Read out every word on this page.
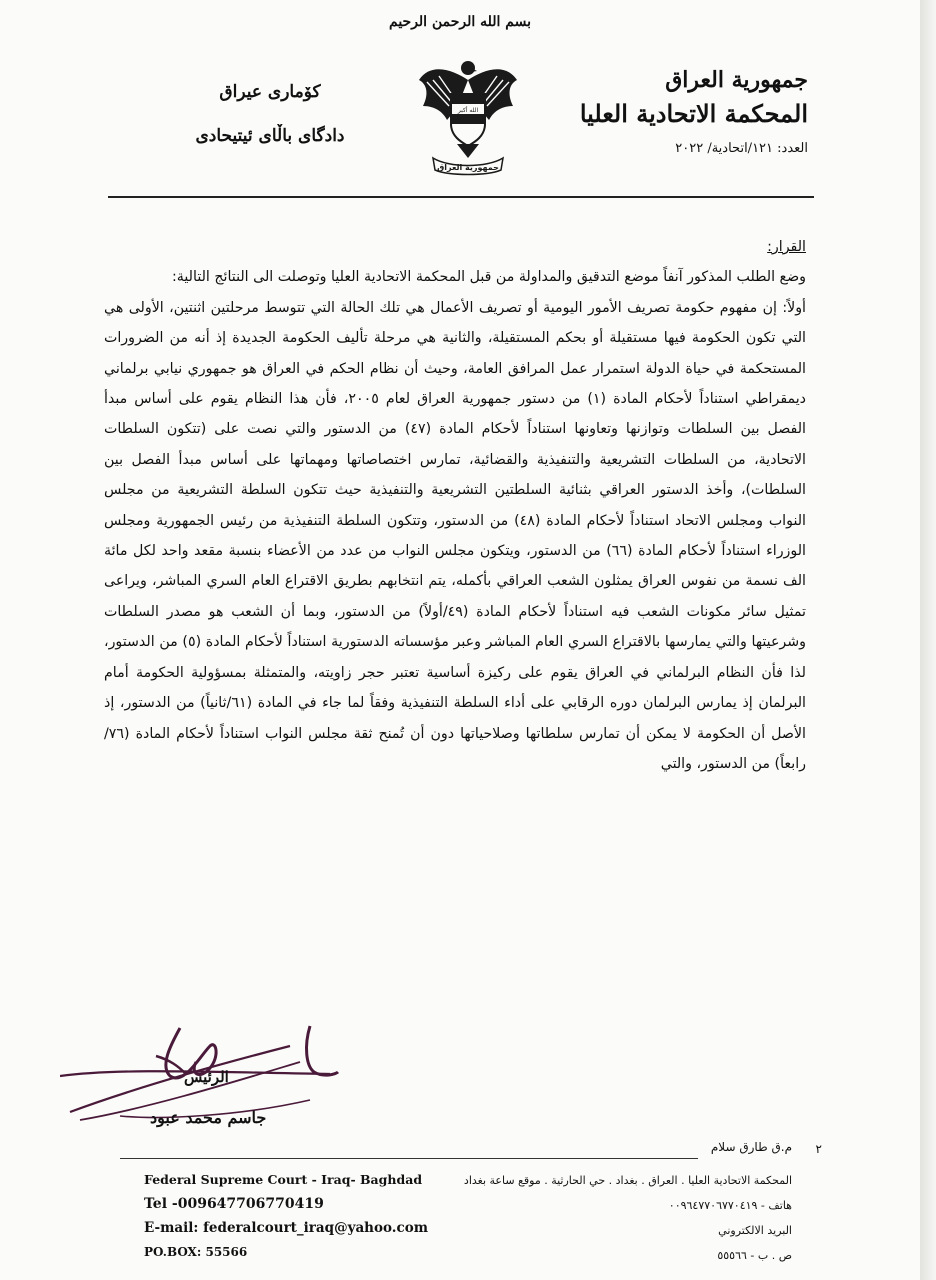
بسم الله الرحمن الرحيم
جمهورية العراق
المحكمة الاتحادية العليا
العدد: ١٢١/اتحادية/ ٢٠٢٢
الله أكبر
جمهورية العراق
كۆماری عیراق
دادگای باڵای ئیتیحادی

القرار:

وضع الطلب المذكور آنفاً موضع التدقيق والمداولة من قبل المحكمة الاتحادية العليا وتوصلت الى النتائج التالية:

أولاً: إن مفهوم حكومة تصريف الأمور اليومية أو تصريف الأعمال هي تلك الحالة التي تتوسط مرحلتين اثنتين، الأولى هي التي تكون الحكومة فيها مستقيلة أو بحكم المستقيلة، والثانية هي مرحلة تأليف الحكومة الجديدة إذ أنه من الضرورات المستحكمة في حياة الدولة استمرار عمل المرافق العامة، وحيث أن نظام الحكم في العراق هو جمهوري نيابي برلماني ديمقراطي استناداً لأحكام المادة (١) من دستور جمهورية العراق لعام ٢٠٠٥، فأن هذا النظام يقوم على أساس مبدأ الفصل بين السلطات وتوازنها وتعاونها استناداً لأحكام المادة (٤٧) من الدستور والتي نصت على (تتكون السلطات الاتحادية، من السلطات التشريعية والتنفيذية والقضائية، تمارس اختصاصاتها ومهماتها على أساس مبدأ الفصل بين السلطات)، وأخذ الدستور العراقي بثنائية السلطتين التشريعية والتنفيذية حيث تتكون السلطة التشريعية من مجلس النواب ومجلس الاتحاد استناداً لأحكام المادة (٤٨) من الدستور، وتتكون السلطة التنفيذية من رئيس الجمهورية ومجلس الوزراء استناداً لأحكام المادة (٦٦) من الدستور، ويتكون مجلس النواب من عدد من الأعضاء بنسبة مقعد واحد لكل مائة الف نسمة من نفوس العراق يمثلون الشعب العراقي بأكمله، يتم انتخابهم بطريق الاقتراع العام السري المباشر، ويراعى تمثيل سائر مكونات الشعب فيه استناداً لأحكام المادة (٤٩/أولاً) من الدستور، وبما أن الشعب هو مصدر السلطات وشرعيتها والتي يمارسها بالاقتراع السري العام المباشر وعبر مؤسساته الدستورية استناداً لأحكام المادة (٥) من الدستور، لذا فأن النظام البرلماني في العراق يقوم على ركيزة أساسية تعتبر حجر زاويته، والمتمثلة بمسؤولية الحكومة أمام البرلمان إذ يمارس البرلمان دوره الرقابي على أداء السلطة التنفيذية وفقاً لما جاء في المادة (٦١/ثانياً) من الدستور، إذ الأصل أن الحكومة لا يمكن أن تمارس سلطاتها وصلاحياتها دون أن تُمنح ثقة مجلس النواب استناداً لأحكام المادة (٧٦/ رابعاً) من الدستور، والتي

الرئيس
جاسم محمد عبود
٢
م.ق طارق سلام
Federal Supreme Court - Iraq- Baghdad
Tel -009647706770419
E-mail: federalcourt_iraq@yahoo.com
PO.BOX: 55566
المحكمة الاتحادية العليا . العراق . بغداد . حي الحارثية . موقع ساعة بغداد
هاتف - ٠٠٩٦٤٧٧٠٦٧٧٠٤١٩
البريد الالكتروني
ص . ب - ٥٥٥٦٦
